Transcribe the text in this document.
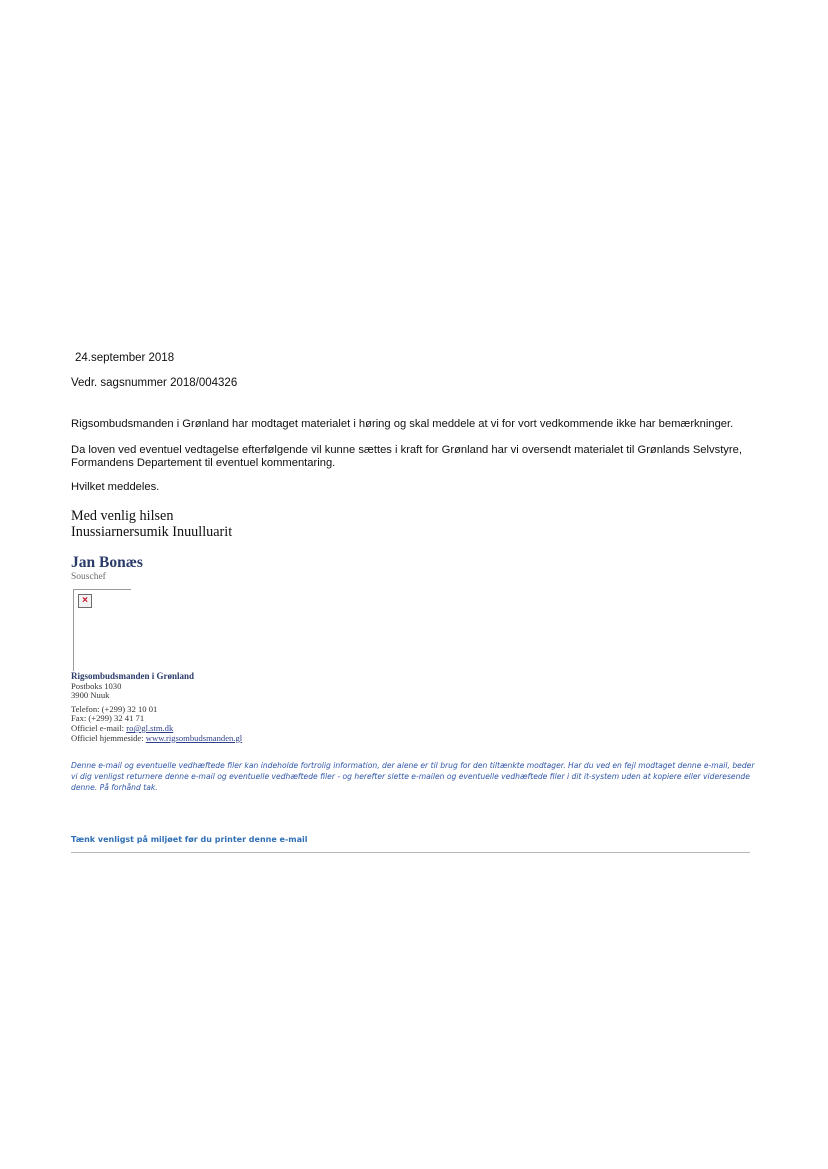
24.september 2018
Vedr. sagsnummer 2018/004326
Rigsombudsmanden i Grønland har modtaget materialet i høring og skal meddele at vi for vort vedkommende ikke har bemærkninger.
Da loven ved eventuel vedtagelse efterfølgende vil kunne sættes i kraft for Grønland har vi oversendt materialet til Grønlands Selvstyre, Formandens Departement til eventuel kommentaring.
Hvilket meddeles.
Med venlig hilsen
Inussiarnersumik Inuulluarit
Jan Bonæs
Souschef
×
Rigsombudsmanden i Grønland
Postboks 1030
3900 Nuuk
Telefon: (+299) 32 10 01
Fax: (+299) 32 41 71
Officiel e-mail: ro@gl.stm.dk
Officiel hjemmeside: www.rigsombudsmanden.gl
Denne e-mail og eventuelle vedhæftede filer kan indeholde fortrolig information, der alene er til brug for den tiltænkte modtager. Har du ved en fejl modtaget denne e-mail, beder vi dig venligst returnere denne e-mail og eventuelle vedhæftede filer - og herefter slette e-mailen og eventuelle vedhæftede filer i dit it-system uden at kopiere eller videresende denne. På forhånd tak.
Tænk venligst på miljøet før du printer denne e-mail
